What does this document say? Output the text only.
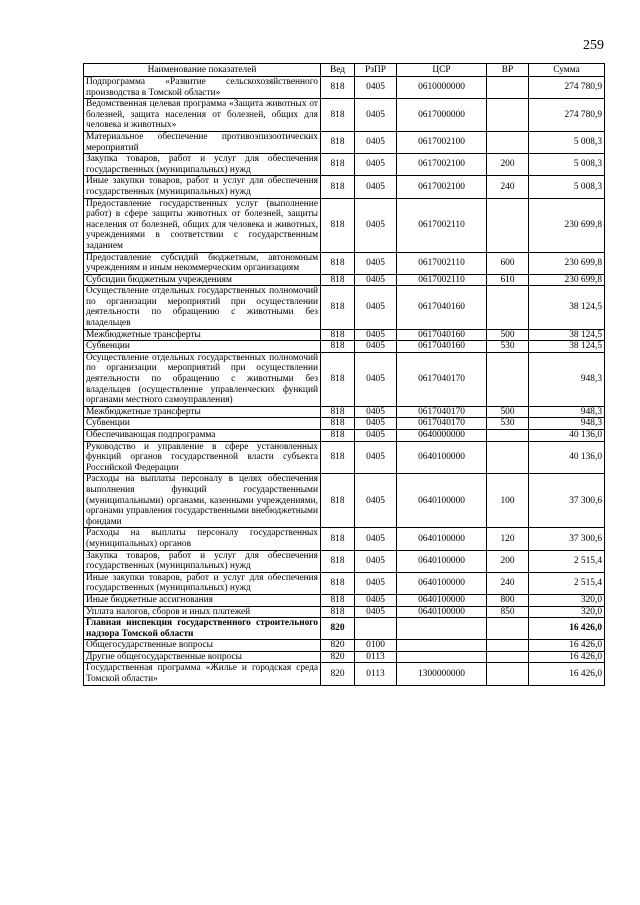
259
Наименование показателей	Вед	РзПР	ЦСР	ВР	Сумма
Подпрограмма «Развитие сельскохозяйственного производства в Томской области»	818	0405	0610000000		274 780,9
Ведомственная целевая программа «Защита животных от болезней, защита населения от болезней, общих для человека и животных»	818	0405	0617000000		274 780,9
Материальное обеспечение противоэпизоотических мероприятий	818	0405	0617002100		5 008,3
Закупка товаров, работ и услуг для обеспечения государственных (муниципальных) нужд	818	0405	0617002100	200	5 008,3
Иные закупки товаров, работ и услуг для обеспечения государственных (муниципальных) нужд	818	0405	0617002100	240	5 008,3
Предоставление государственных услуг (выполнение работ) в сфере защиты животных от болезней, защиты населения от болезней, общих для человека и животных, учреждениями в соответствии с государственным заданием	818	0405	0617002110		230 699,8
Предоставление субсидий бюджетным, автономным учреждениям и иным некоммерческим организациям	818	0405	0617002110	600	230 699,8
Субсидии бюджетным учреждениям	818	0405	0617002110	610	230 699,8
Осуществление отдельных государственных полномочий по организации мероприятий при осуществлении деятельности по обращению с животными без владельцев	818	0405	0617040160		38 124,5
Межбюджетные трансферты	818	0405	0617040160	500	38 124,5
Субвенции	818	0405	0617040160	530	38 124,5
Осуществление отдельных государственных полномочий по организации мероприятий при осуществлении деятельности по обращению с животными без владельцев (осуществление управленческих функций органами местного самоуправления)	818	0405	0617040170		948,3
Межбюджетные трансферты	818	0405	0617040170	500	948,3
Субвенции	818	0405	0617040170	530	948,3
Обеспечивающая подпрограмма	818	0405	0640000000		40 136,0
Руководство и управление в сфере установленных функций органов государственной власти субъекта Российской Федерации	818	0405	0640100000		40 136,0
Расходы на выплаты персоналу в целях обеспечения выполнения функций государственными (муниципальными) органами, казенными учреждениями, органами управления государственными внебюджетными фондами	818	0405	0640100000	100	37 300,6
Расходы на выплаты персоналу государственных (муниципальных) органов	818	0405	0640100000	120	37 300,6
Закупка товаров, работ и услуг для обеспечения государственных (муниципальных) нужд	818	0405	0640100000	200	2 515,4
Иные закупки товаров, работ и услуг для обеспечения государственных (муниципальных) нужд	818	0405	0640100000	240	2 515,4
Иные бюджетные ассигнования	818	0405	0640100000	800	320,0
Уплата налогов, сборов и иных платежей	818	0405	0640100000	850	320,0
Главная инспекция государственного строительного надзора Томской области	820				16 426,0
Общегосударственные вопросы	820	0100			16 426,0
Другие общегосударственные вопросы	820	0113			16 426,0
Государственная программа «Жилье и городская среда Томской области»	820	0113	1300000000		16 426,0
